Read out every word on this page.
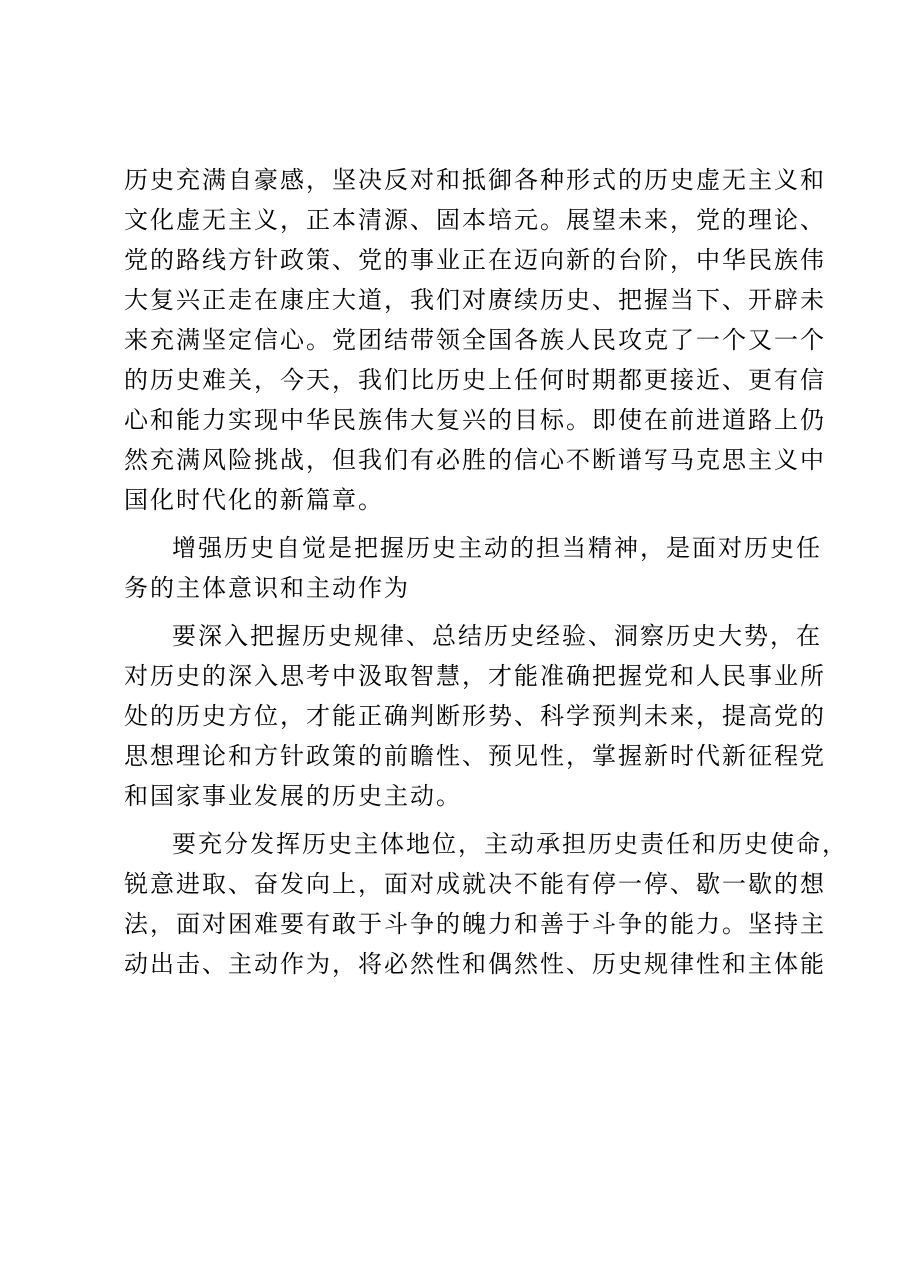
历史充满自豪感，坚决反对和抵御各种形式的历史虚无主义和
文化虚无主义，正本清源、固本培元。展望未来，党的理论、
党的路线方针政策、党的事业正在迈向新的台阶，中华民族伟
大复兴正走在康庄大道，我们对赓续历史、把握当下、开辟未
来充满坚定信心。党团结带领全国各族人民攻克了一个又一个
的历史难关，今天，我们比历史上任何时期都更接近、更有信
心和能力实现中华民族伟大复兴的目标。即使在前进道路上仍
然充满风险挑战，但我们有必胜的信心不断谱写马克思主义中
国化时代化的新篇章。
增强历史自觉是把握历史主动的担当精神，是面对历史任
务的主体意识和主动作为
要深入把握历史规律、总结历史经验、洞察历史大势，在
对历史的深入思考中汲取智慧，才能准确把握党和人民事业所
处的历史方位，才能正确判断形势、科学预判未来，提高党的
思想理论和方针政策的前瞻性、预见性，掌握新时代新征程党
和国家事业发展的历史主动。
要充分发挥历史主体地位，主动承担历史责任和历史使命，
锐意进取、奋发向上，面对成就决不能有停一停、歇一歇的想
法，面对困难要有敢于斗争的魄力和善于斗争的能力。坚持主
动出击、主动作为，将必然性和偶然性、历史规律性和主体能
